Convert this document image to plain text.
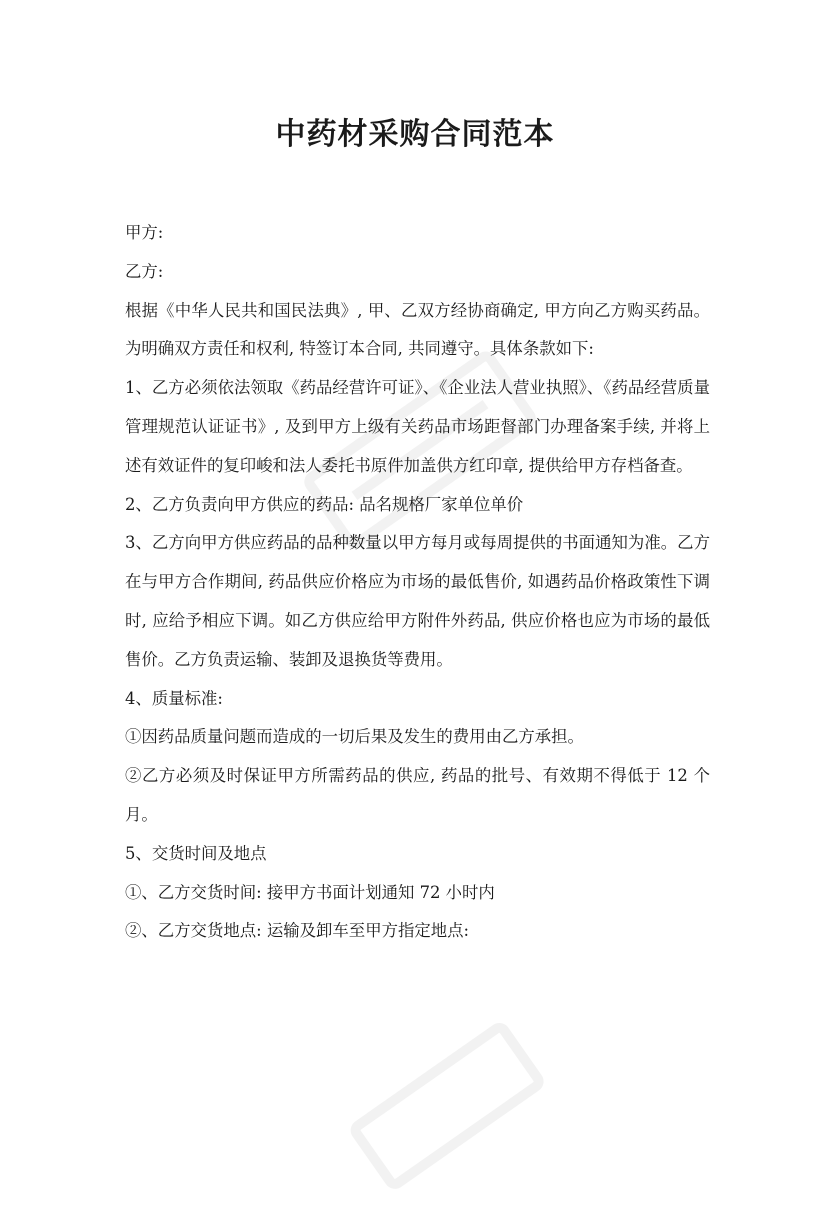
中药材采购合同范本

甲方:

乙方:

根据《中华人民共和国民法典》, 甲、乙双方经协商确定, 甲方向乙方购买药品。为明确双方责任和权利, 特签订本合同, 共同遵守。具体条款如下:

1、乙方必须依法领取《药品经营许可证》、《企业法人营业执照》、《药品经营质量管理规范认证证书》, 及到甲方上级有关药品市场距督部门办理备案手续, 并将上述有效证件的复印峻和法人委托书原件加盖供方红印章, 提供给甲方存档备查。

2、乙方负责向甲方供应的药品: 品名规格厂家单位单价

3、乙方向甲方供应药品的品种数量以甲方每月或每周提供的书面通知为准。乙方在与甲方合作期间, 药品供应价格应为市场的最低售价, 如遇药品价格政策性下调时, 应给予相应下调。如乙方供应给甲方附件外药品, 供应价格也应为市场的最低售价。乙方负责运输、装卸及退换货等费用。

4、质量标准:

①因药品质量问题而造成的一切后果及发生的费用由乙方承担。

②乙方必须及时保证甲方所需药品的供应, 药品的批号、有效期不得低于 12 个月。

5、交货时间及地点

①、乙方交货时间: 接甲方书面计划通知 72 小时内

②、乙方交货地点: 运输及卸车至甲方指定地点:
